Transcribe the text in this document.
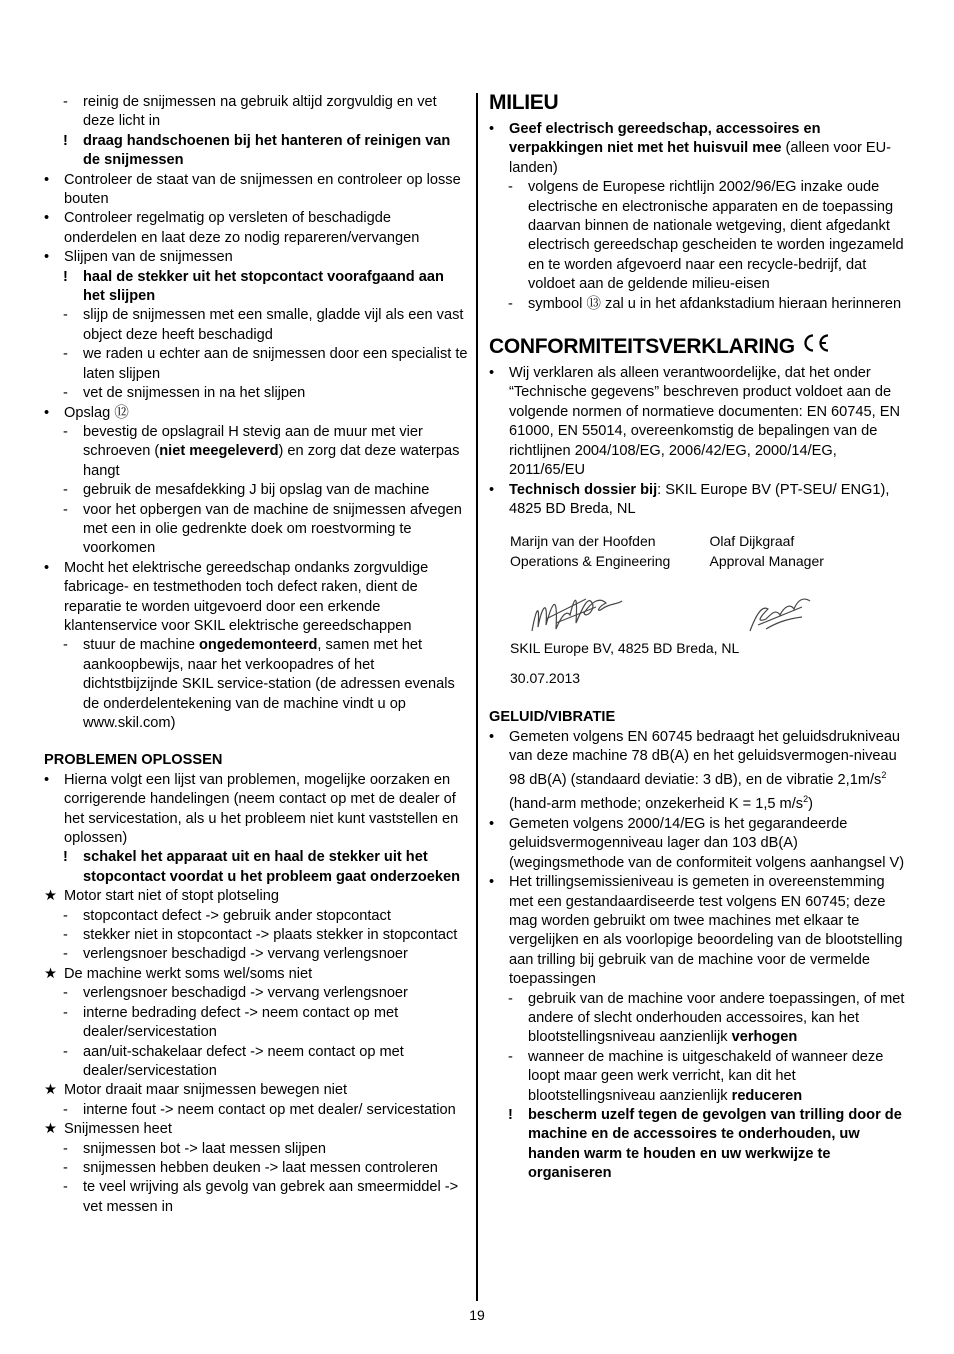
-	reinig de snijmessen na gebruik altijd zorgvuldig en vet deze licht in
!	draag handschoenen bij het hanteren of reinigen van de snijmessen
•	Controleer de staat van de snijmessen en controleer op losse bouten
•	Controleer regelmatig op versleten of beschadigde onderdelen en laat deze zo nodig repareren/vervangen
•	Slijpen van de snijmessen
!	haal de stekker uit het stopcontact voorafgaand aan het slijpen
-	slijp de snijmessen met een smalle, gladde vijl als een vast object deze heeft beschadigd
-	we raden u echter aan de snijmessen door een specialist te laten slijpen
-	vet de snijmessen in na het slijpen
•	Opslag ⑫
-	bevestig de opslagrail H stevig aan de muur met vier schroeven (niet meegeleverd) en zorg dat deze waterpas hangt
-	gebruik de mesafdekking J bij opslag van de machine
-	voor het opbergen van de machine de snijmessen afvegen met een in olie gedrenkte doek om roestvorming te voorkomen
•	Mocht het elektrische gereedschap ondanks zorgvuldige fabricage- en testmethoden toch defect raken, dient de reparatie te worden uitgevoerd door een erkende klantenservice voor SKIL elektrische gereedschappen
-	stuur de machine ongedemonteerd, samen met het aankoopbewijs, naar het verkoopadres of het dichtstbijzijnde SKIL service-station (de adressen evenals de onderdelentekening van de machine vindt u op www.skil.com)
PROBLEMEN OPLOSSEN
•	Hierna volgt een lijst van problemen, mogelijke oorzaken en corrigerende handelingen (neem contact op met de dealer of het servicestation, als u het probleem niet kunt vaststellen en oplossen)
!	schakel het apparaat uit en haal de stekker uit het stopcontact voordat u het probleem gaat onderzoeken
★ Motor start niet of stopt plotseling
-	stopcontact defect -> gebruik ander stopcontact
-	stekker niet in stopcontact -> plaats stekker in stopcontact
-	verlengsnoer beschadigd -> vervang verlengsnoer
★ De machine werkt soms wel/soms niet
-	verlengsnoer beschadigd -> vervang verlengsnoer
-	interne bedrading defect -> neem contact op met dealer/servicestation
-	aan/uit-schakelaar defect -> neem contact op met dealer/servicestation
★ Motor draait maar snijmessen bewegen niet
-	interne fout -> neem contact op met dealer/ servicestation
★ Snijmessen heet
-	snijmessen bot -> laat messen slijpen
-	snijmessen hebben deuken -> laat messen controleren
-	te veel wrijving als gevolg van gebrek aan smeermiddel -> vet messen in
MILIEU
•	Geef electrisch gereedschap, accessoires en verpakkingen niet met het huisvuil mee (alleen voor EU-landen)
-	volgens de Europese richtlijn 2002/96/EG inzake oude electrische en electronische apparaten en de toepassing daarvan binnen de nationale wetgeving, dient afgedankt electrisch gereedschap gescheiden te worden ingezameld en te worden afgevoerd naar een recycle-bedrijf, dat voldoet aan de geldende milieu-eisen
-	symbool ⑬ zal u in het afdankstadium hieraan herinneren
CONFORMITEITSVERKLARING
•	Wij verklaren als alleen verantwoordelijke, dat het onder “Technische gegevens” beschreven product voldoet aan de volgende normen of normatieve documenten: EN 60745, EN 61000, EN 55014, overeenkomstig de bepalingen van de richtlijnen 2004/108/EG, 2006/42/EG, 2000/14/EG, 2011/65/EU
•	Technisch dossier bij: SKIL Europe BV (PT-SEU/ ENG1), 4825 BD Breda, NL
Marijn van der Hoofden
Operations & Engineering
Olaf Dijkgraaf
Approval Manager
SKIL Europe BV, 4825 BD Breda, NL
30.07.2013
GELUID/VIBRATIE
•	Gemeten volgens EN 60745 bedraagt het geluidsdrukniveau van deze machine 78 dB(A) en het geluidsvermogen-niveau 98 dB(A) (standaard deviatie: 3 dB), en de vibratie $2,1m/s^2$ (hand-arm methode; onzekerheid K = 1,5 $m/s^2$)
•	Gemeten volgens 2000/14/EG is het gegarandeerde geluidsvermogenniveau lager dan 103 dB(A) (wegingsmethode van de conformiteit volgens aanhangsel V)
•	Het trillingsemissieniveau is gemeten in overeenstemming met een gestandaardiseerde test volgens EN 60745; deze mag worden gebruikt om twee machines met elkaar te vergelijken en als voorlopige beoordeling van de blootstelling aan trilling bij gebruik van de machine voor de vermelde toepassingen
-	gebruik van de machine voor andere toepassingen, of met andere of slecht onderhouden accessoires, kan het blootstellingsniveau aanzienlijk verhogen
-	wanneer de machine is uitgeschakeld of wanneer deze loopt maar geen werk verricht, kan dit het blootstellingsniveau aanzienlijk reduceren
!	bescherm uzelf tegen de gevolgen van trilling door de machine en de accessoires te onderhouden, uw handen warm te houden en uw werkwijze te organiseren
19
